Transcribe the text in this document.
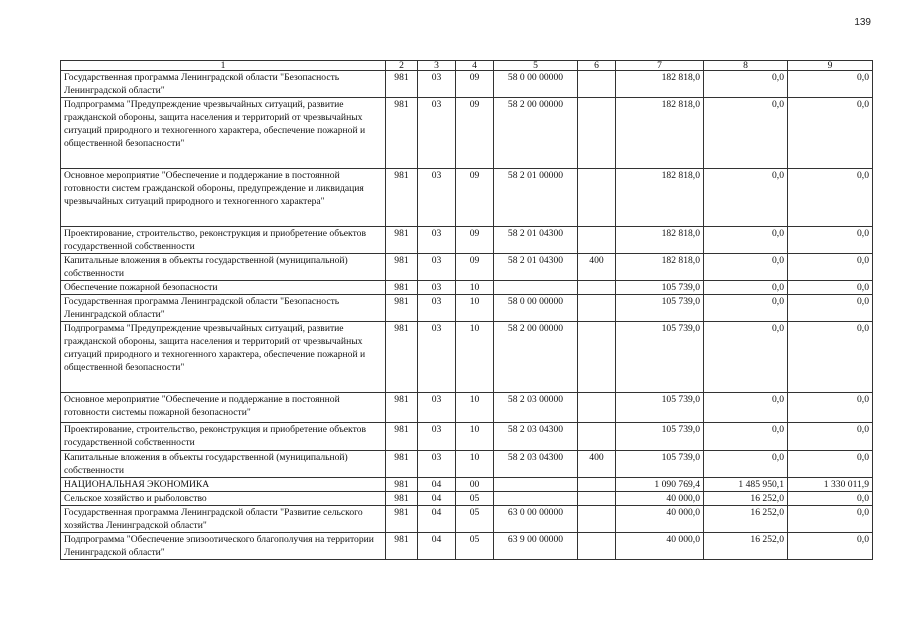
139
1	2	3	4	5	6	7	8	9
Государственная программа Ленинградской области "Безопасность Ленинградской области"	981	03	09	58 0 00 00000		182 818,0	0,0	0,0
Подпрограмма "Предупреждение чрезвычайных ситуаций, развитие гражданской обороны, защита населения и территорий от чрезвычайных ситуаций природного и техногенного характера, обеспечение пожарной и общественной безопасности"	981	03	09	58 2 00 00000		182 818,0	0,0	0,0
Основное мероприятие "Обеспечение и поддержание в постоянной готовности систем гражданской обороны, предупреждение и ликвидация чрезвычайных ситуаций природного и техногенного характера"	981	03	09	58 2 01 00000		182 818,0	0,0	0,0
Проектирование, строительство, реконструкция и приобретение объектов государственной собственности	981	03	09	58 2 01 04300		182 818,0	0,0	0,0
Капитальные вложения в объекты государственной (муниципальной) собственности	981	03	09	58 2 01 04300	400	182 818,0	0,0	0,0
Обеспечение пожарной безопасности	981	03	10			105 739,0	0,0	0,0
Государственная программа Ленинградской области "Безопасность Ленинградской области"	981	03	10	58 0 00 00000		105 739,0	0,0	0,0
Подпрограмма "Предупреждение чрезвычайных ситуаций, развитие гражданской обороны, защита населения и территорий от чрезвычайных ситуаций природного и техногенного характера, обеспечение пожарной и общественной безопасности"	981	03	10	58 2 00 00000		105 739,0	0,0	0,0
Основное мероприятие "Обеспечение и поддержание в постоянной готовности системы пожарной безопасности"	981	03	10	58 2 03 00000		105 739,0	0,0	0,0
Проектирование, строительство, реконструкция и приобретение объектов государственной собственности	981	03	10	58 2 03 04300		105 739,0	0,0	0,0
Капитальные вложения в объекты государственной (муниципальной) собственности	981	03	10	58 2 03 04300	400	105 739,0	0,0	0,0
НАЦИОНАЛЬНАЯ ЭКОНОМИКА	981	04	00			1 090 769,4	1 485 950,1	1 330 011,9
Сельское хозяйство и рыболовство	981	04	05			40 000,0	16 252,0	0,0
Государственная программа Ленинградской области "Развитие сельского хозяйства Ленинградской области"	981	04	05	63 0 00 00000		40 000,0	16 252,0	0,0
Подпрограмма "Обеспечение эпизоотического благополучия на территории Ленинградской области"	981	04	05	63 9 00 00000		40 000,0	16 252,0	0,0
